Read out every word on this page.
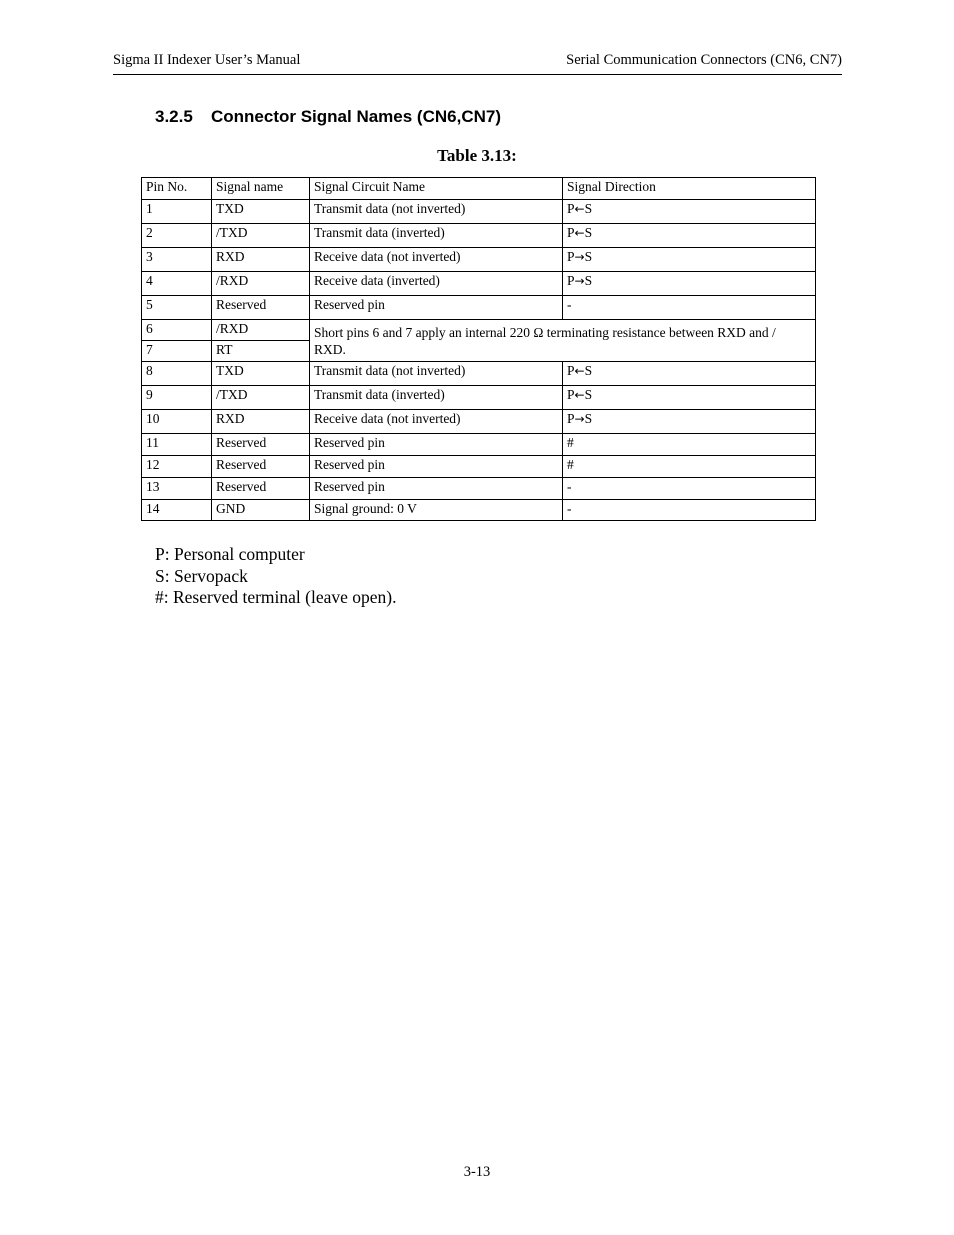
Sigma II Indexer User’s Manual	Serial Communication Connectors (CN6, CN7)
3.2.5 Connector Signal Names (CN6,CN7)
Table 3.13:
Pin No.	Signal name	Signal Circuit Name	Signal Direction
1	TXD	Transmit data (not inverted)	P←S
2	/TXD	Transmit data (inverted)	P←S
3	RXD	Receive data (not inverted)	P→S
4	/RXD	Receive data (inverted)	P→S
5	Reserved	Reserved pin	-
6	/RXD	Short pins 6 and 7 apply an internal 220 Ω terminating resistance between RXD and / RXD.	
7	RT		
8	TXD	Transmit data (not inverted)	P←S
9	/TXD	Transmit data (inverted)	P←S
10	RXD	Receive data (not inverted)	P→S
11	Reserved	Reserved pin	#
12	Reserved	Reserved pin	#
13	Reserved	Reserved pin	-
14	GND	Signal ground: 0 V	-
P: Personal computer
S: Servopack
#: Reserved terminal (leave open).
3-13
